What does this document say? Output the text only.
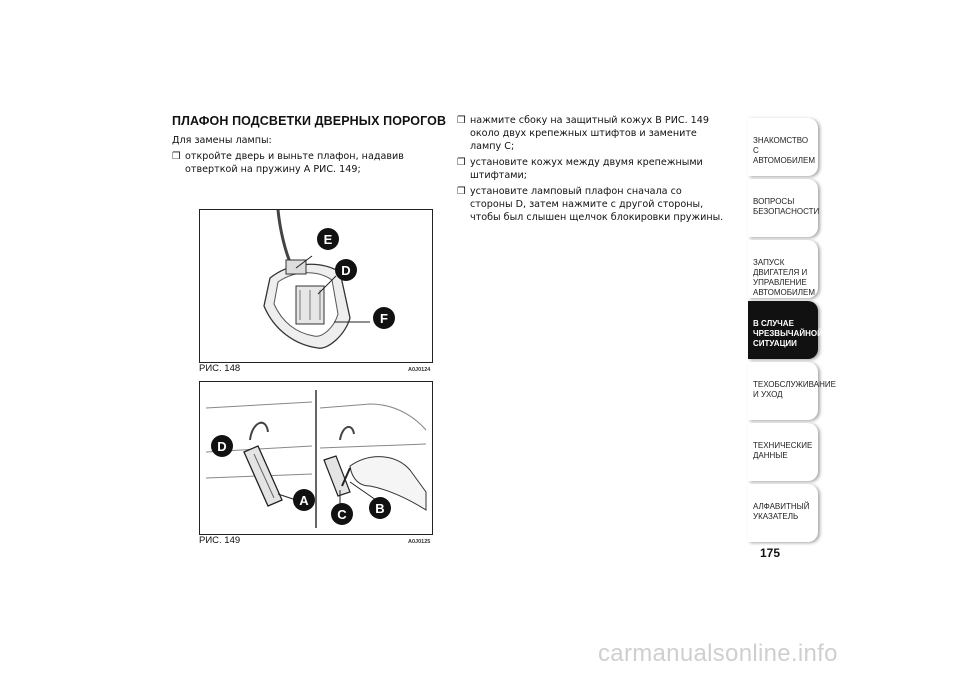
ПЛАФОН ПОДСВЕТКИ ДВЕРНЫХ ПОРОГОВ
Для замены лампы:
❒ откройте дверь и выньте плафон, надавив отверткой на пружину A РИС. 149;
❒ нажмите сбоку на защитный кожух B РИС. 149 около двух крепежных штифтов и замените лампу C;
❒ установите кожух между двумя крепежными штифтами;
❒ установите ламповый плафон сначала со стороны D, затем нажмите с другой стороны, чтобы был слышен щелчок блокировки пружины.
E
D
F
РИС. 148	A0J0124
D
A
C B
РИС. 149	A0J0125
ЗНАКОМСТВО С АВТОМОБИЛЕМ
ВОПРОСЫ БЕЗОПАСНОСТИ
ЗАПУСК ДВИГАТЕЛЯ И УПРАВЛЕНИЕ АВТОМОБИЛЕМ
В СЛУЧАЕ ЧРЕЗВЫЧАЙНОЙ СИТУАЦИИ
ТЕХОБСЛУЖИВАНИЕ И УХОД
ТЕХНИЧЕСКИЕ ДАННЫЕ
АЛФАВИТНЫЙ УКАЗАТЕЛЬ
175
carmanualsonline.info
